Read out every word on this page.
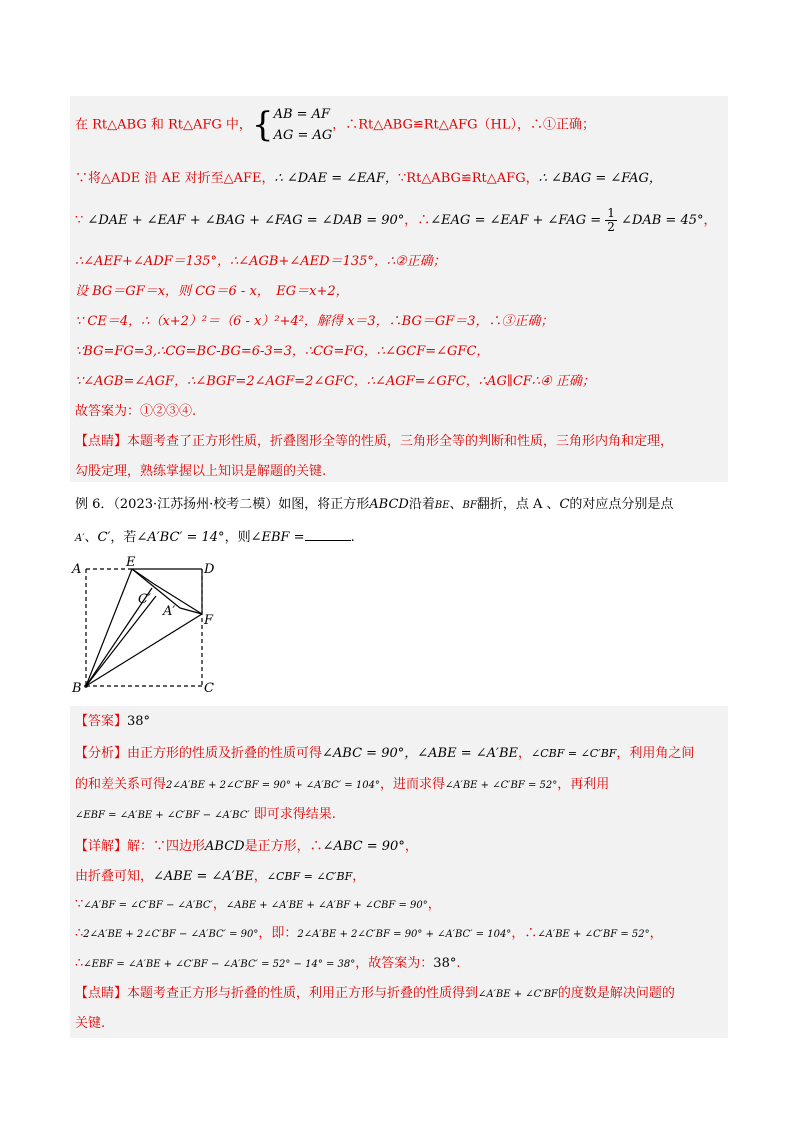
在 Rt△ABG 和 Rt△AFG 中，{ AB = AF
AG = AG
，∴Rt△ABG≌Rt△AFG（HL），∴①正确；
∵将△ADE 沿 AE 对折至△AFE，∴ ∠DAE = ∠EAF，∵Rt△ABG≌Rt△AFG，∴ ∠BAG = ∠FAG，
∵ ∠DAE + ∠EAF + ∠BAG + ∠FAG = ∠DAB = 90°，∴∠EAG = ∠EAF + ∠FAG = $\frac{1}{2}$ ∠DAB = 45°，
∴∠AEF+∠ADF＝135°，∴∠AGB+∠AED＝135°，∴②正确；
设 BG＝GF＝x，则 CG＝6 - x，　EG＝x+2，
∵ CE＝4，∴（x+2）²＝（6 - x）²+4²，解得 x＝3，∴BG＝GF＝3，∴③正确；
∵BG=FG=3,∴CG=BC-BG=6-3=3，∴CG=FG，∴∠GCF=∠GFC，
∵∠AGB=∠AGF，∴∠BGF=2∠AGF=2∠GFC，∴∠AGF=∠GFC，∴AG∥CF∴④ 正确；
故答案为：①②③④.
【点睛】本题考查了正方形性质，折叠图形全等的性质，三角形全等的判断和性质，三角形内角和定理，
勾股定理，熟练掌握以上知识是解题的关键.
例 6．（2023·江苏扬州·校考二模）如图，将正方形ABCD沿着BE、BF翻折，点 A 、C的对应点分别是点
A′、C′，若∠A′BC′ = 14°，则∠EBF =	.
A	E	D
C′
A′
F
B	C
【答案】38°
【分析】由正方形的性质及折叠的性质可得∠ABC = 90°，∠ABE = ∠A′BE，∠CBF = ∠C′BF，利用角之间
的和差关系可得2∠A′BE + 2∠C′BF = 90° + ∠A′BC′ = 104°，进而求得∠A′BE + ∠C′BF = 52°，再利用
∠EBF = ∠A′BE + ∠C′BF − ∠A′BC′ 即可求得结果.
【详解】解：∵四边形ABCD是正方形，∴∠ABC = 90°，
由折叠可知，∠ABE = ∠A′BE，∠CBF = ∠C′BF，
∵∠A′BF = ∠C′BF − ∠A′BC′，∠ABE + ∠A′BE + ∠A′BF + ∠CBF = 90°，
∴2∠A′BE + 2∠C′BF − ∠A′BC′ = 90°，即：2∠A′BE + 2∠C′BF = 90° + ∠A′BC′ = 104°，∴∠A′BE + ∠C′BF = 52°，
∴∠EBF = ∠A′BE + ∠C′BF − ∠A′BC′ = 52° − 14° = 38°，故答案为：38°.
【点睛】本题考查正方形与折叠的性质，利用正方形与折叠的性质得到∠A′BE + ∠C′BF的度数是解决问题的
关键.
